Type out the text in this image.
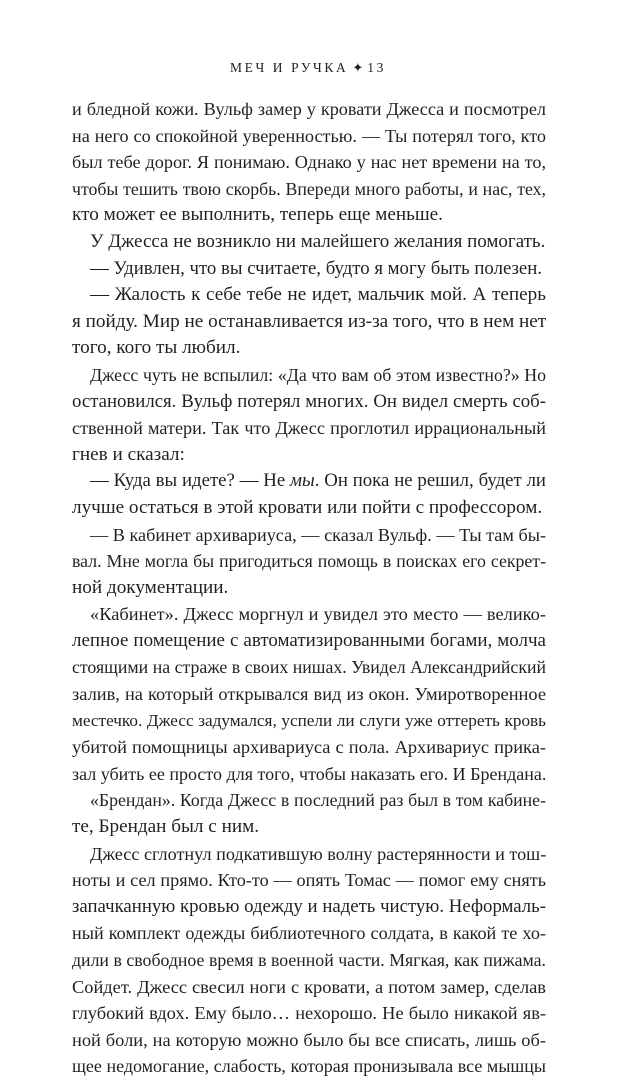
МЕЧ И РУЧКА ✦ 13
и бледной кожи. Вульф замер у кровати Джесса и посмотрел
на него со спокойной уверенностью. — Ты потерял того, кто
был тебе дорог. Я понимаю. Однако у нас нет времени на то,
чтобы тешить твою скорбь. Впереди много работы, и нас, тех,
кто может ее выполнить, теперь еще меньше.
У Джесса не возникло ни малейшего желания помогать.
— Удивлен, что вы считаете, будто я могу быть полезен.
— Жалость к себе тебе не идет, мальчик мой. А теперь
я пойду. Мир не останавливается из-за того, что в нем нет
того, кого ты любил.
Джесс чуть не вспылил: «Да что вам об этом известно?» Но
остановился. Вульф потерял многих. Он видел смерть соб-
ственной матери. Так что Джесс проглотил иррациональный
гнев и сказал:
— Куда вы идете? — Не мы. Он пока не решил, будет ли
лучше остаться в этой кровати или пойти с профессором.
— В кабинет архивариуса, — сказал Вульф. — Ты там бы-
вал. Мне могла бы пригодиться помощь в поисках его секрет-
ной документации.
«Кабинет». Джесс моргнул и увидел это место — велико-
лепное помещение с автоматизированными богами, молча
стоящими на страже в своих нишах. Увидел Александрийский
залив, на который открывался вид из окон. Умиротворенное
местечко. Джесс задумался, успели ли слуги уже оттереть кровь
убитой помощницы архивариуса с пола. Архивариус прика-
зал убить ее просто для того, чтобы наказать его. И Брендана.
«Брендан». Когда Джесс в последний раз был в том кабине-
те, Брендан был с ним.
Джесс сглотнул подкатившую волну растерянности и тош-
ноты и сел прямо. Кто-то — опять Томас — помог ему снять
запачканную кровью одежду и надеть чистую. Неформаль-
ный комплект одежды библиотечного солдата, в какой те хо-
дили в свободное время в военной части. Мягкая, как пижама.
Сойдет. Джесс свесил ноги с кровати, а потом замер, сделав
глубокий вдох. Ему было… нехорошо. Не было никакой яв-
ной боли, на которую можно было бы все списать, лишь об-
щее недомогание, слабость, которая пронизывала все мышцы
